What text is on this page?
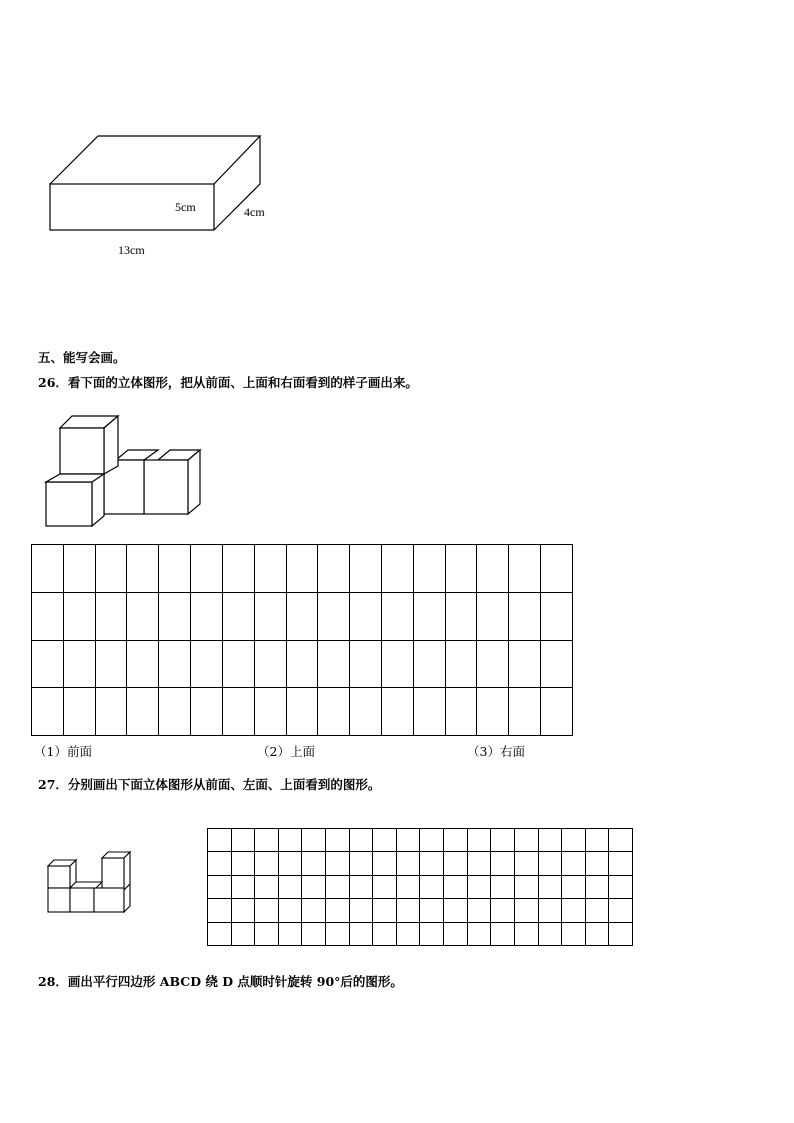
5cm	4cm
13cm
五、能写会画。
26．看下面的立体图形，把从前面、上面和右面看到的样子画出来。

（1）前面	（2）上面	（3）右面
27．分别画出下面立体图形从前面、左面、上面看到的图形。

28．画出平行四边形 ABCD 绕 D 点顺时针旋转 90°后的图形。
